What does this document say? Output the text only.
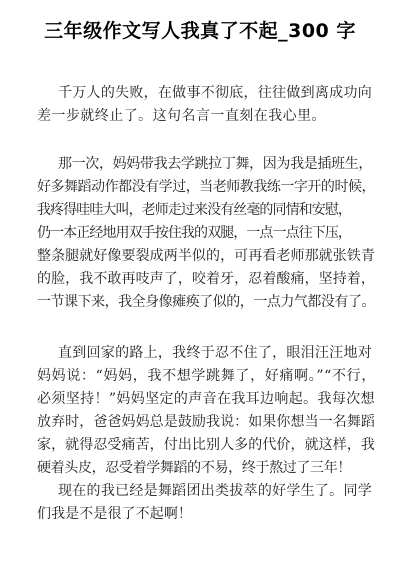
三年级作文写人我真了不起_300 字
千万人的失败，在做事不彻底，往往做到离成功向
差一步就终止了。这句名言一直刻在我心里。
那一次，妈妈带我去学跳拉丁舞，因为我是插班生，
好多舞蹈动作都没有学过，当老师教我练一字开的时候，
我疼得哇哇大叫，老师走过来没有丝毫的同情和安慰，
仍一本正经地用双手按住我的双腿，一点一点往下压，
整条腿就好像要裂成两半似的，可再看老师那就张铁青
的脸，我不敢再吱声了，咬着牙，忍着酸痛，坚持着，
一节课下来，我全身像瘫痪了似的，一点力气都没有了。
直到回家的路上，我终于忍不住了，眼泪汪汪地对
妈妈说：“妈妈，我不想学跳舞了，好痛啊。”“不行，
必须坚持！”妈妈坚定的声音在我耳边响起。我每次想
放弃时，爸爸妈妈总是鼓励我说：如果你想当一名舞蹈
家，就得忍受痛苦，付出比别人多的代价，就这样，我
硬着头皮，忍受着学舞蹈的不易，终于熬过了三年！
现在的我已经是舞蹈团出类拔萃的好学生了。同学
们我是不是很了不起啊！
